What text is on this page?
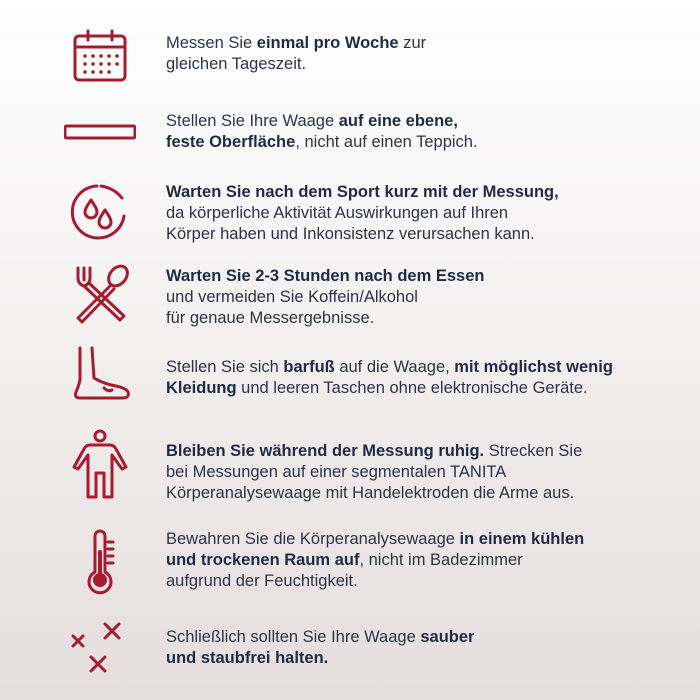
Messen Sie einmal pro Woche zur
gleichen Tageszeit.
Stellen Sie Ihre Waage auf eine ebene,
feste Oberfläche, nicht auf einen Teppich.
Warten Sie nach dem Sport kurz mit der Messung,
da körperliche Aktivität Auswirkungen auf Ihren
Körper haben und Inkonsistenz verursachen kann.
Warten Sie 2-3 Stunden nach dem Essen
und vermeiden Sie Koffein/Alkohol
für genaue Messergebnisse.
Stellen Sie sich barfuß auf die Waage, mit möglichst wenig
Kleidung und leeren Taschen ohne elektronische Geräte.
Bleiben Sie während der Messung ruhig. Strecken Sie
bei Messungen auf einer segmentalen TANITA
Körperanalysewaage mit Handelektroden die Arme aus.
Bewahren Sie die Körperanalysewaage in einem kühlen
und trockenen Raum auf, nicht im Badezimmer
aufgrund der Feuchtigkeit.
Schließlich sollten Sie Ihre Waage sauber
und staubfrei halten.
